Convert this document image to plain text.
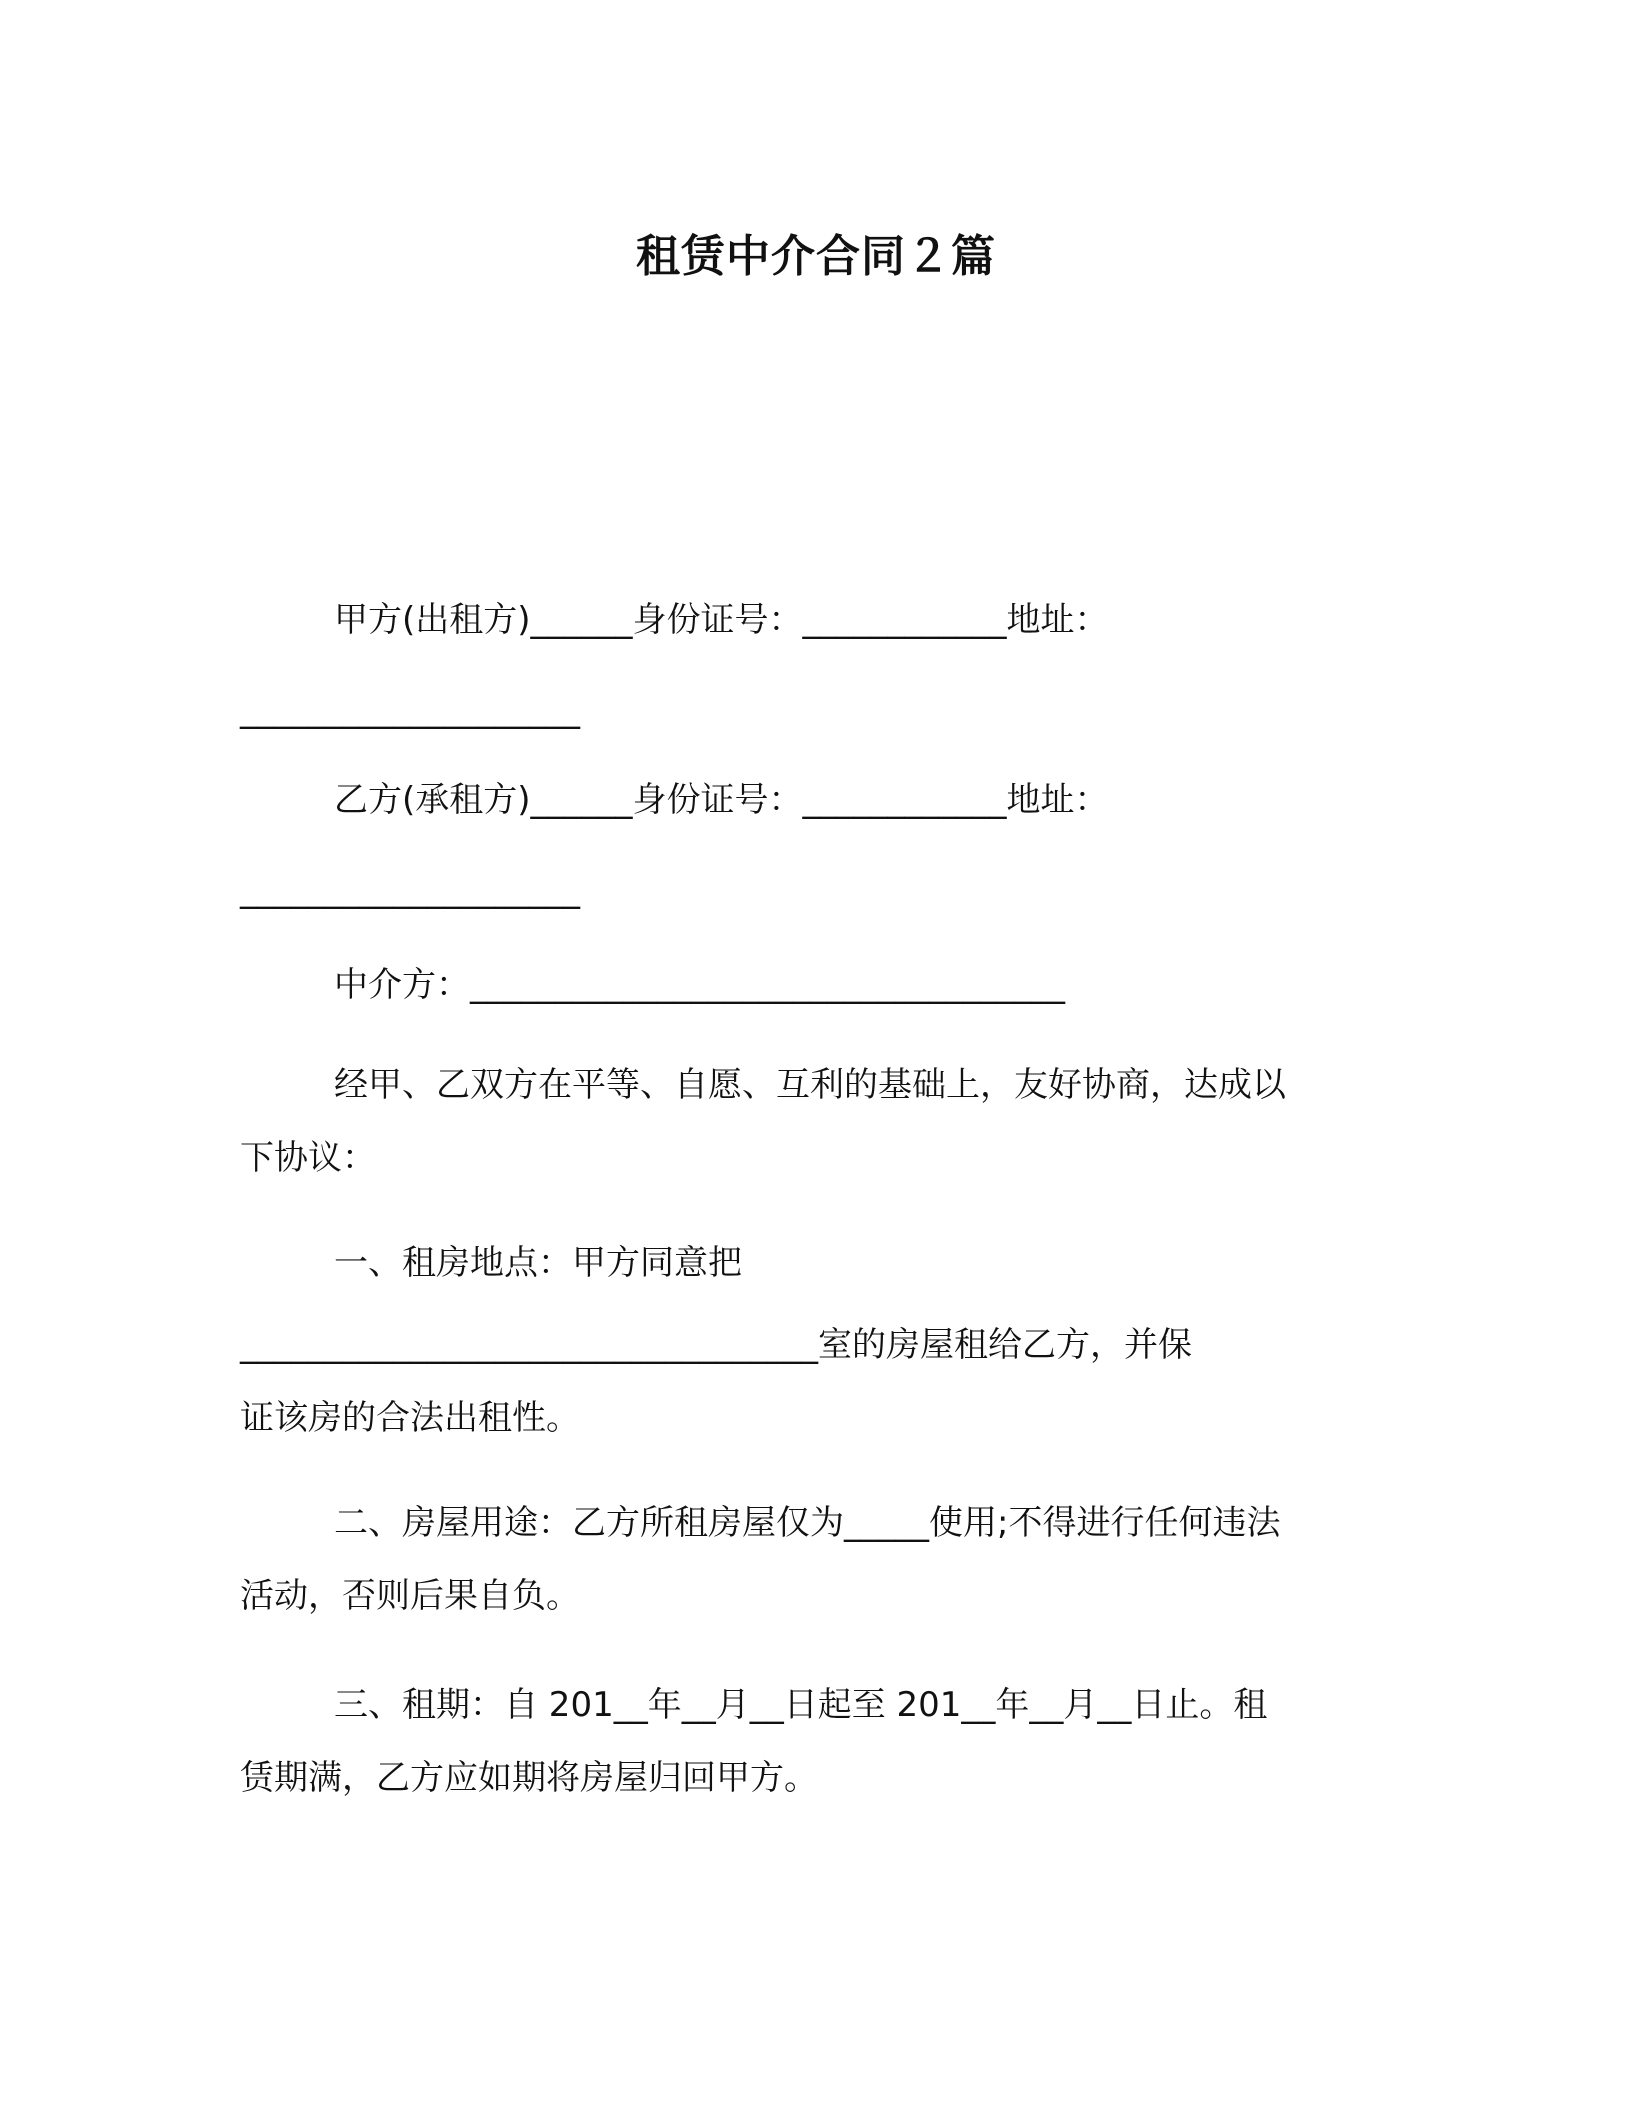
租赁中介合同２篇
甲方(出租方)______身份证号：____________地址：
____________________
乙方(承租方)______身份证号：____________地址：
____________________
中介方：___________________________________
经甲、乙双方在平等、自愿、互利的基础上，友好协商，达成以
下协议：
一、租房地点：甲方同意把
__________________________________室的房屋租给乙方，并保
证该房的合法出租性。
二、房屋用途：乙方所租房屋仅为_____使用;不得进行任何违法
活动，否则后果自负。
三、租期：自 201__年__月__日起至 201__年__月__日止。租
赁期满，乙方应如期将房屋归回甲方。
